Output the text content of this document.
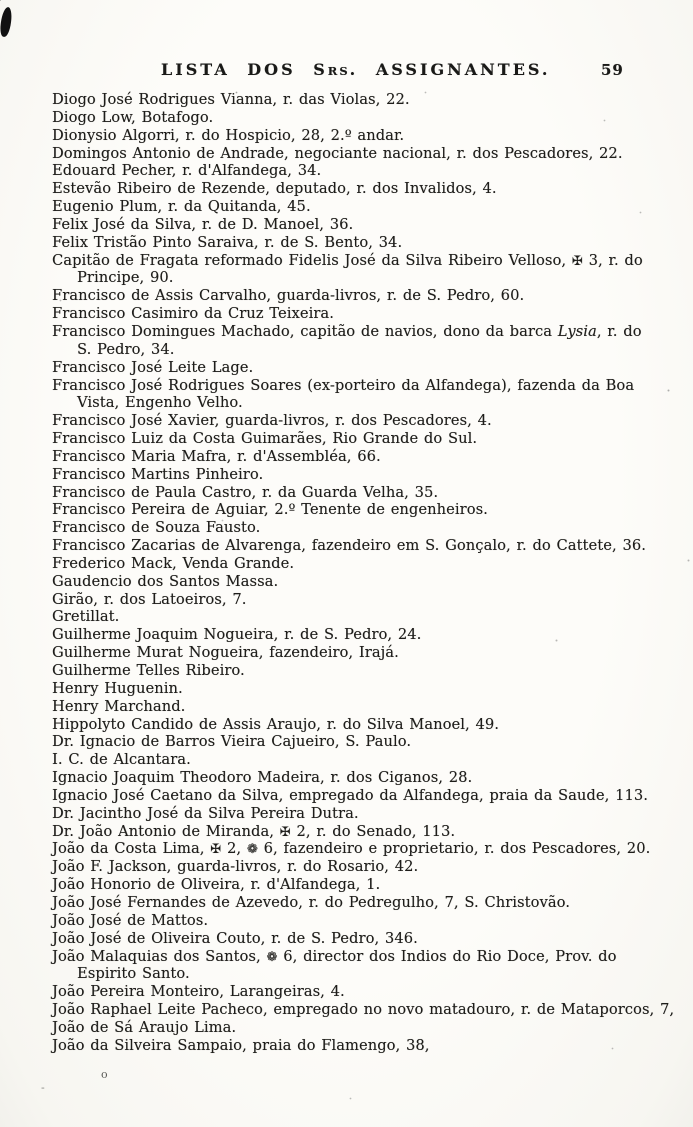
LISTA DOS SRS. ASSIGNANTES.	59
Diogo José Rodrigues Vianna, r. das Violas, 22.
Diogo Low, Botafogo.
Dionysio Algorri, r. do Hospicio, 28, 2.º andar.
Domingos Antonio de Andrade, negociante nacional, r. dos Pescadores, 22.
Edouard Pecher, r. d'Alfandega, 34.
Estevão Ribeiro de Rezende, deputado, r. dos Invalidos, 4.
Eugenio Plum, r. da Quitanda, 45.
Felix José da Silva, r. de D. Manoel, 36.
Felix Tristão Pinto Saraiva, r. de S. Bento, 34.
Capitão de Fragata reformado Fidelis José da Silva Ribeiro Velloso, ✠ 3, r. do
Principe, 90.
Francisco de Assis Carvalho, guarda-livros, r. de S. Pedro, 60.
Francisco Casimiro da Cruz Teixeira.
Francisco Domingues Machado, capitão de navios, dono da barca Lysia, r. do
S. Pedro, 34.
Francisco José Leite Lage.
Francisco José Rodrigues Soares (ex-porteiro da Alfandega), fazenda da Boa
Vista, Engenho Velho.
Francisco José Xavier, guarda-livros, r. dos Pescadores, 4.
Francisco Luiz da Costa Guimarães, Rio Grande do Sul.
Francisco Maria Mafra, r. d'Assembléa, 66.
Francisco Martins Pinheiro.
Francisco de Paula Castro, r. da Guarda Velha, 35.
Francisco Pereira de Aguiar, 2.º Tenente de engenheiros.
Francisco de Souza Fausto.
Francisco Zacarias de Alvarenga, fazendeiro em S. Gonçalo, r. do Cattete, 36.
Frederico Mack, Venda Grande.
Gaudencio dos Santos Massa.
Girão, r. dos Latoeiros, 7.
Gretillat.
Guilherme Joaquim Nogueira, r. de S. Pedro, 24.
Guilherme Murat Nogueira, fazendeiro, Irajá.
Guilherme Telles Ribeiro.
Henry Huguenin.
Henry Marchand.
Hippolyto Candido de Assis Araujo, r. do Silva Manoel, 49.
Dr. Ignacio de Barros Vieira Cajueiro, S. Paulo.
I. C. de Alcantara.
Ignacio Joaquim Theodoro Madeira, r. dos Ciganos, 28.
Ignacio José Caetano da Silva, empregado da Alfandega, praia da Saude, 113.
Dr. Jacintho José da Silva Pereira Dutra.
Dr. João Antonio de Miranda, ✠ 2, r. do Senado, 113.
João da Costa Lima, ✠ 2, ❁ 6, fazendeiro e proprietario, r. dos Pescadores, 20.
João F. Jackson, guarda-livros, r. do Rosario, 42.
João Honorio de Oliveira, r. d'Alfandega, 1.
João José Fernandes de Azevedo, r. do Pedregulho, 7, S. Christovão.
João José de Mattos.
João José de Oliveira Couto, r. de S. Pedro, 346.
João Malaquias dos Santos, ❁ 6, director dos Indios do Rio Doce, Prov. do
Espirito Santo.
João Pereira Monteiro, Larangeiras, 4.
João Raphael Leite Pacheco, empregado no novo matadouro, r. de Mataporcos, 7,
João de Sá Araujo Lima.
João da Silveira Sampaio, praia do Flamengo, 38,
o
-
